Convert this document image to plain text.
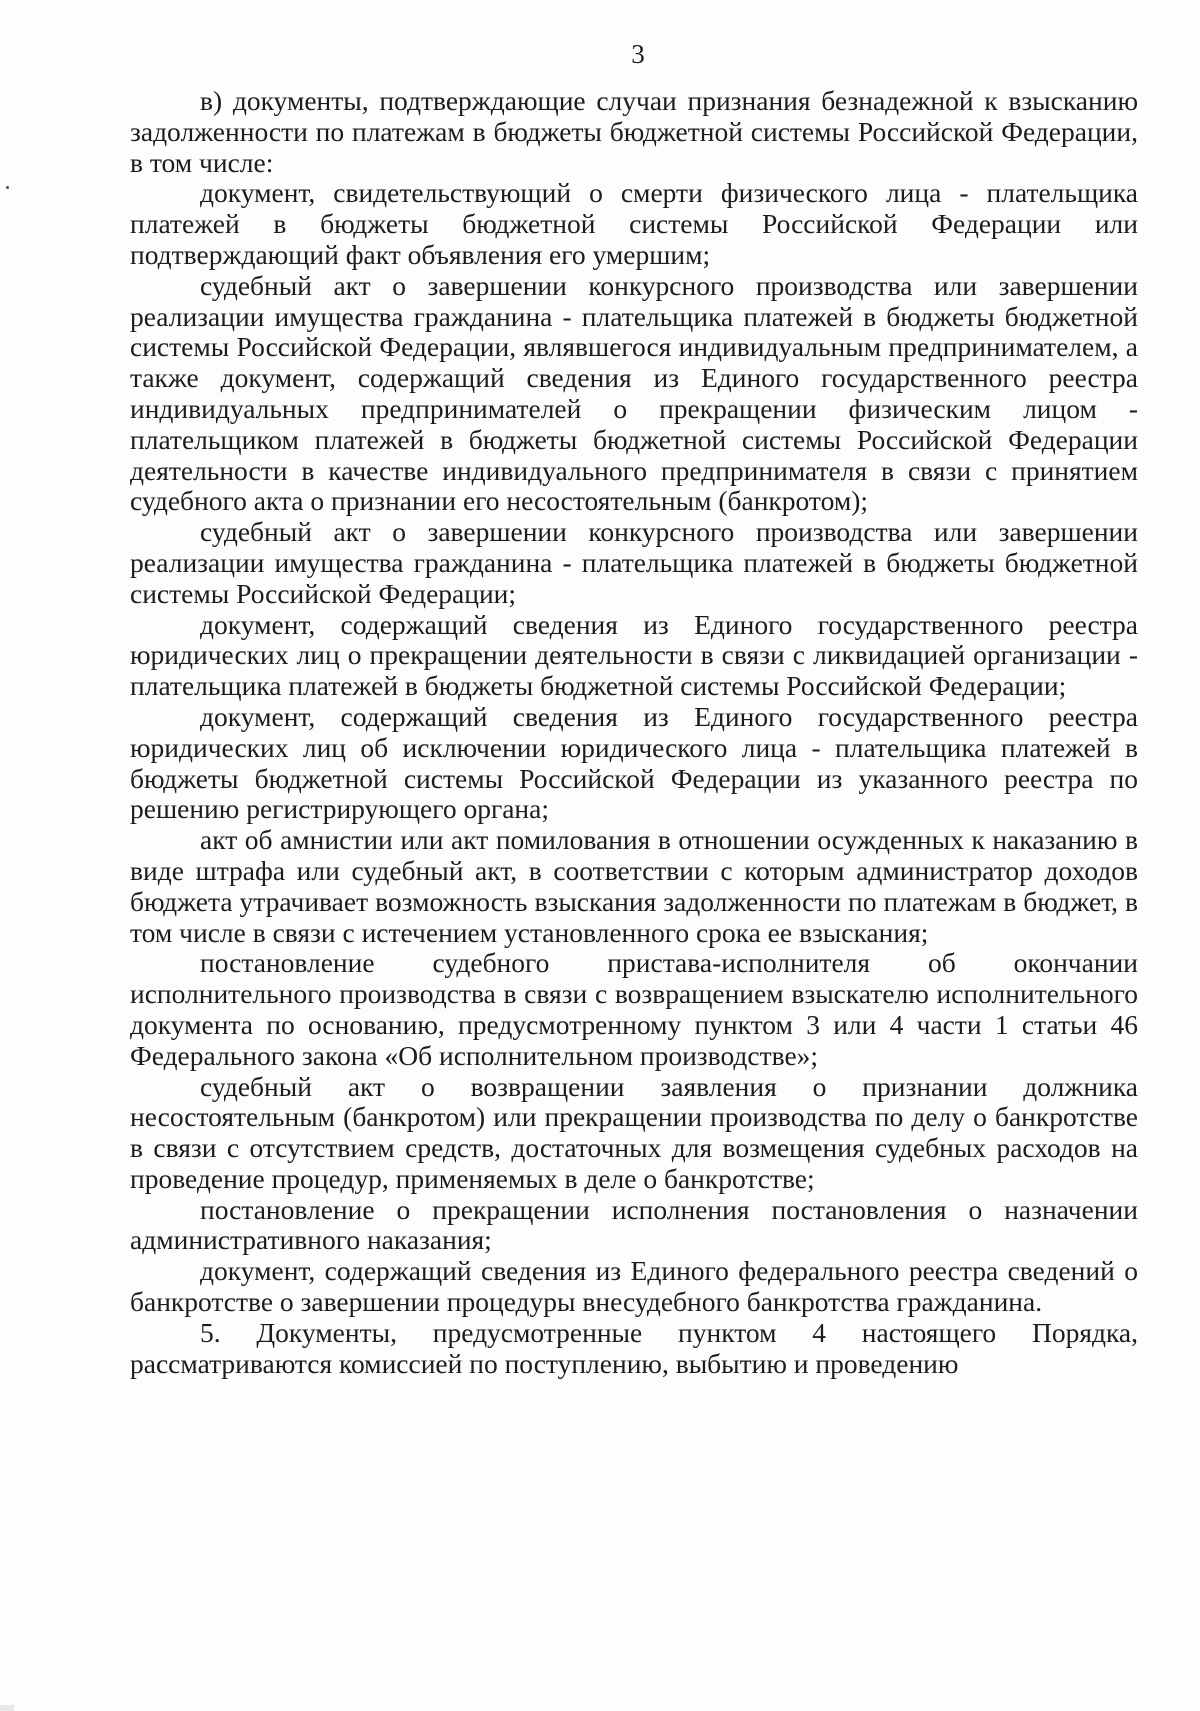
3

в) документы, подтверждающие случаи признания безнадежной к взысканию задолженности по платежам в бюджеты бюджетной системы Российской Федерации, в том числе:

документ, свидетельствующий о смерти физического лица - плательщика платежей в бюджеты бюджетной системы Российской Федерации или подтверждающий факт объявления его умершим;

судебный акт о завершении конкурсного производства или завершении реализации имущества гражданина - плательщика платежей в бюджеты бюджетной системы Российской Федерации, являвшегося индивидуальным предпринимателем, а также документ, содержащий сведения из Единого государственного реестра индивидуальных предпринимателей о прекращении физическим лицом - плательщиком платежей в бюджеты бюджетной системы Российской Федерации деятельности в качестве индивидуального предпринимателя в связи с принятием судебного акта о признании его несостоятельным (банкротом);

судебный акт о завершении конкурсного производства или завершении реализации имущества гражданина - плательщика платежей в бюджеты бюджетной системы Российской Федерации;

документ, содержащий сведения из Единого государственного реестра юридических лиц о прекращении деятельности в связи с ликвидацией организации - плательщика платежей в бюджеты бюджетной системы Российской Федерации;

документ, содержащий сведения из Единого государственного реестра юридических лиц об исключении юридического лица - плательщика платежей в бюджеты бюджетной системы Российской Федерации из указанного реестра по решению регистрирующего органа;

акт об амнистии или акт помилования в отношении осужденных к наказанию в виде штрафа или судебный акт, в соответствии с которым администратор доходов бюджета утрачивает возможность взыскания задолженности по платежам в бюджет, в том числе в связи с истечением установленного срока ее взыскания;

постановление судебного пристава-исполнителя об окончании исполнительного производства в связи с возвращением взыскателю исполнительного документа по основанию, предусмотренному пунктом 3 или 4 части 1 статьи 46 Федерального закона «Об исполнительном производстве»;

судебный акт о возвращении заявления о признании должника несостоятельным (банкротом) или прекращении производства по делу о банкротстве в связи с отсутствием средств, достаточных для возмещения судебных расходов на проведение процедур, применяемых в деле о банкротстве;

постановление о прекращении исполнения постановления о назначении административного наказания;

документ, содержащий сведения из Единого федерального реестра сведений о банкротстве о завершении процедуры внесудебного банкротства гражданина.

5. Документы, предусмотренные пунктом 4 настоящего Порядка, рассматриваются комиссией по поступлению, выбытию и проведению
